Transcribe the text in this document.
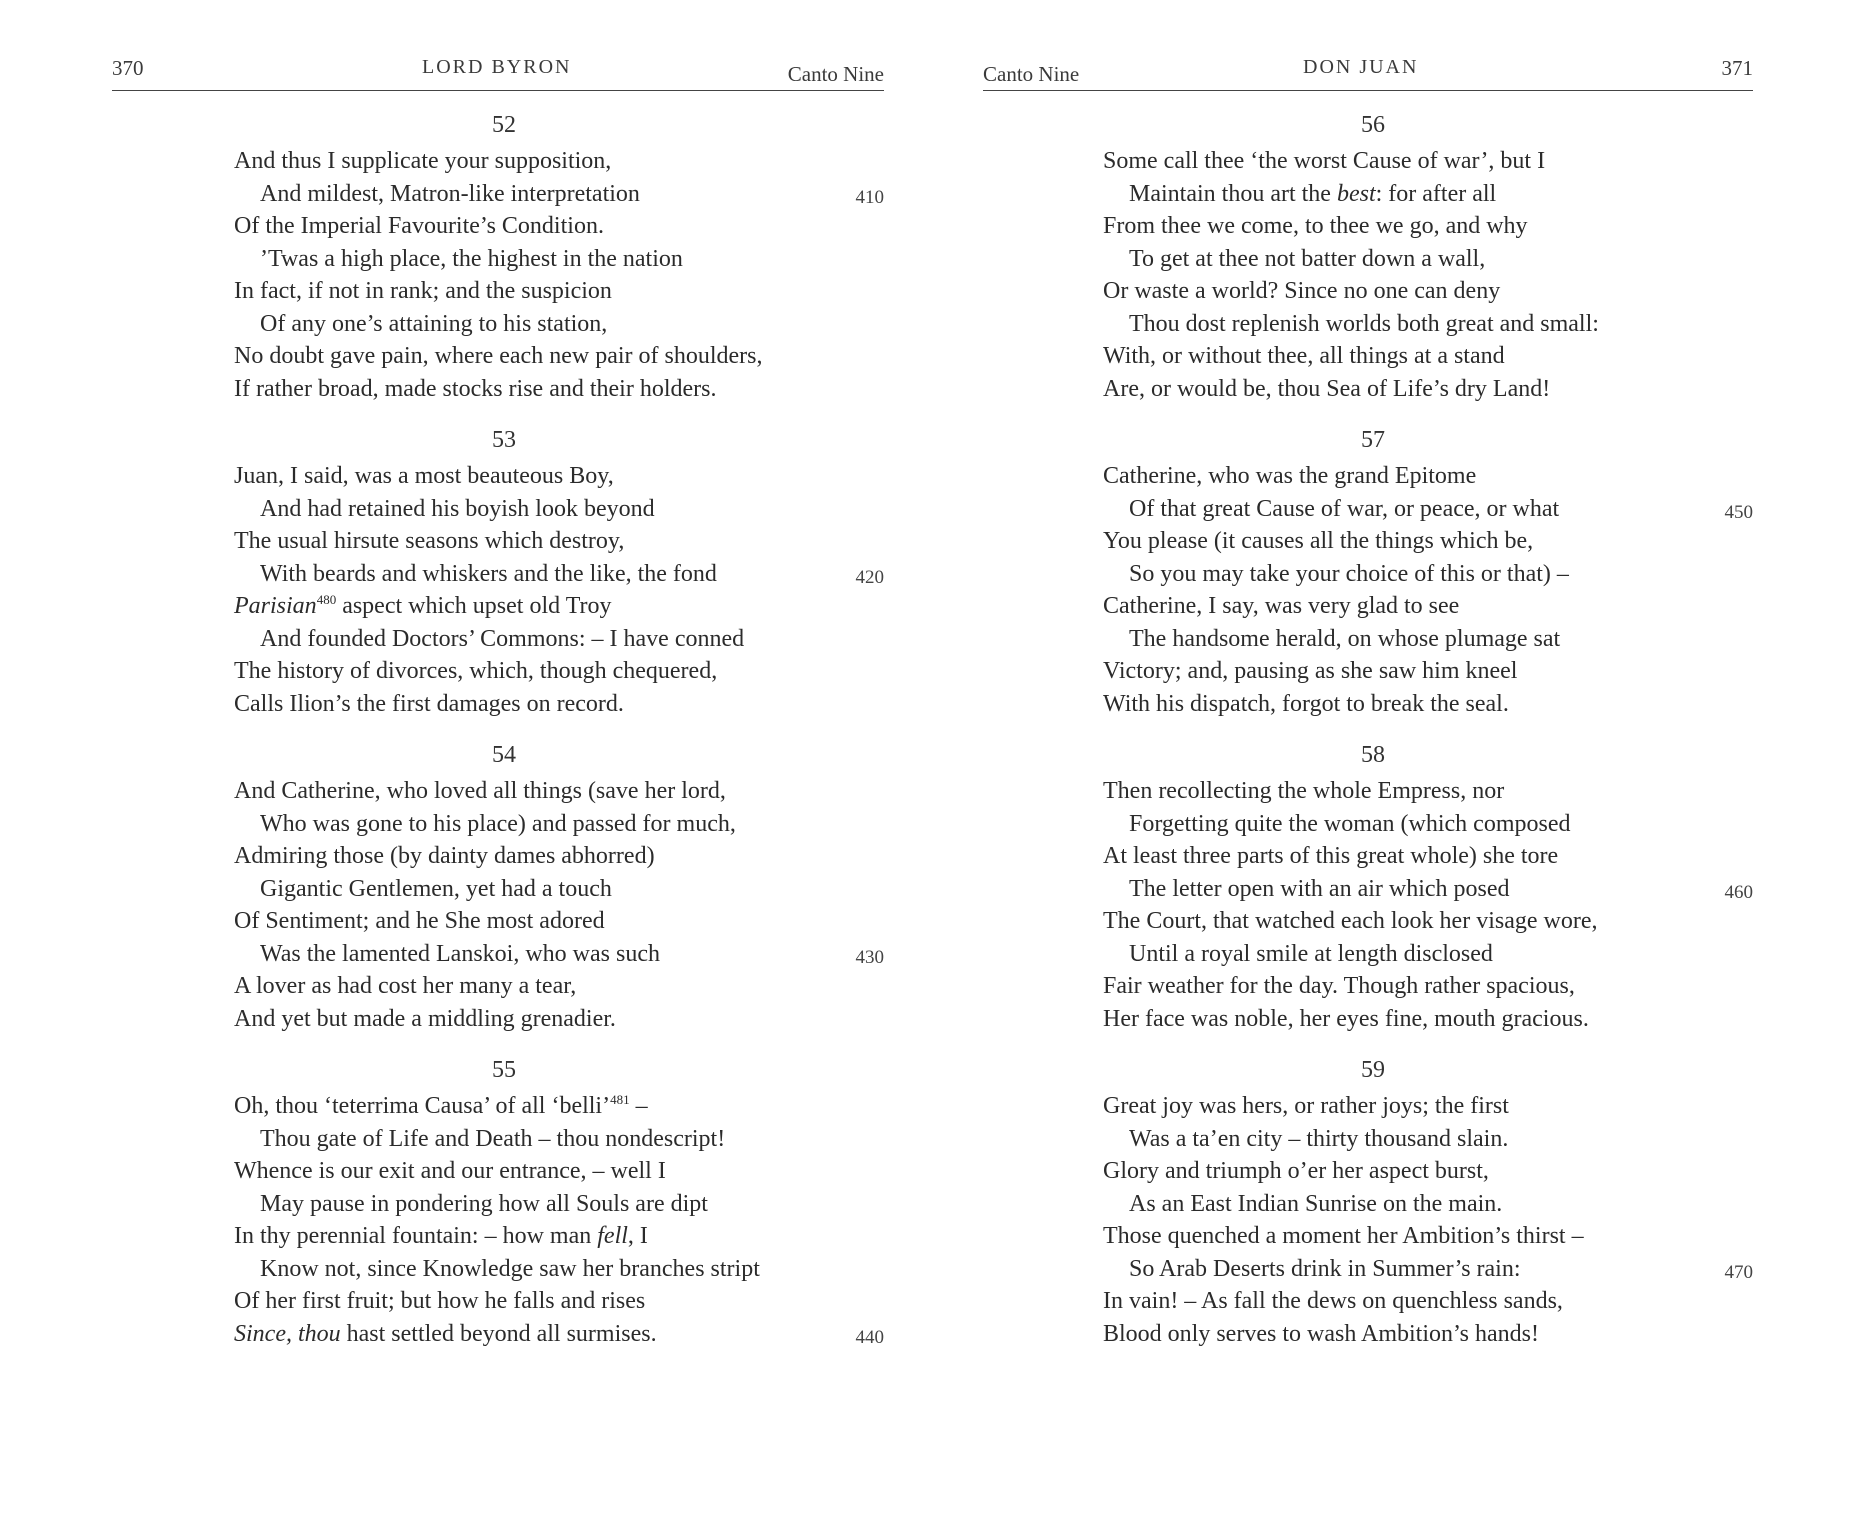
370	LORD BYRON	Canto Nine
52
And thus I supplicate your supposition,
And mildest, Matron-like interpretation	410
Of the Imperial Favourite’s Condition.
’Twas a high place, the highest in the nation
In fact, if not in rank; and the suspicion
Of any one’s attaining to his station,
No doubt gave pain, where each new pair of shoulders,
If rather broad, made stocks rise and their holders.
53
Juan, I said, was a most beauteous Boy,
And had retained his boyish look beyond
The usual hirsute seasons which destroy,
With beards and whiskers and the like, the fond	420
Parisian$^{480}$ aspect which upset old Troy
And founded Doctors’ Commons: – I have conned
The history of divorces, which, though chequered,
Calls Ilion’s the first damages on record.
54
And Catherine, who loved all things (save her lord,
Who was gone to his place) and passed for much,
Admiring those (by dainty dames abhorred)
Gigantic Gentlemen, yet had a touch
Of Sentiment; and he She most adored
Was the lamented Lanskoi, who was such	430
A lover as had cost her many a tear,
And yet but made a middling grenadier.
55
Oh, thou ‘teterrima Causa’ of all ‘belli’$^{481}$ –
Thou gate of Life and Death – thou nondescript!
Whence is our exit and our entrance, – well I
May pause in pondering how all Souls are dipt
In thy perennial fountain: – how man fell, I
Know not, since Knowledge saw her branches stript
Of her first fruit; but how he falls and rises
Since, thou hast settled beyond all surmises.	440
Canto Nine	DON JUAN	371
56
Some call thee ‘the worst Cause of war’, but I
Maintain thou art the best: for after all
From thee we come, to thee we go, and why
To get at thee not batter down a wall,
Or waste a world? Since no one can deny
Thou dost replenish worlds both great and small:
With, or without thee, all things at a stand
Are, or would be, thou Sea of Life’s dry Land!
57
Catherine, who was the grand Epitome
Of that great Cause of war, or peace, or what	450
You please (it causes all the things which be,
So you may take your choice of this or that) –
Catherine, I say, was very glad to see
The handsome herald, on whose plumage sat
Victory; and, pausing as she saw him kneel
With his dispatch, forgot to break the seal.
58
Then recollecting the whole Empress, nor
Forgetting quite the woman (which composed
At least three parts of this great whole) she tore
The letter open with an air which posed	460
The Court, that watched each look her visage wore,
Until a royal smile at length disclosed
Fair weather for the day. Though rather spacious,
Her face was noble, her eyes fine, mouth gracious.
59
Great joy was hers, or rather joys; the first
Was a ta’en city – thirty thousand slain.
Glory and triumph o’er her aspect burst,
As an East Indian Sunrise on the main.
Those quenched a moment her Ambition’s thirst –
So Arab Deserts drink in Summer’s rain:	470
In vain! – As fall the dews on quenchless sands,
Blood only serves to wash Ambition’s hands!
